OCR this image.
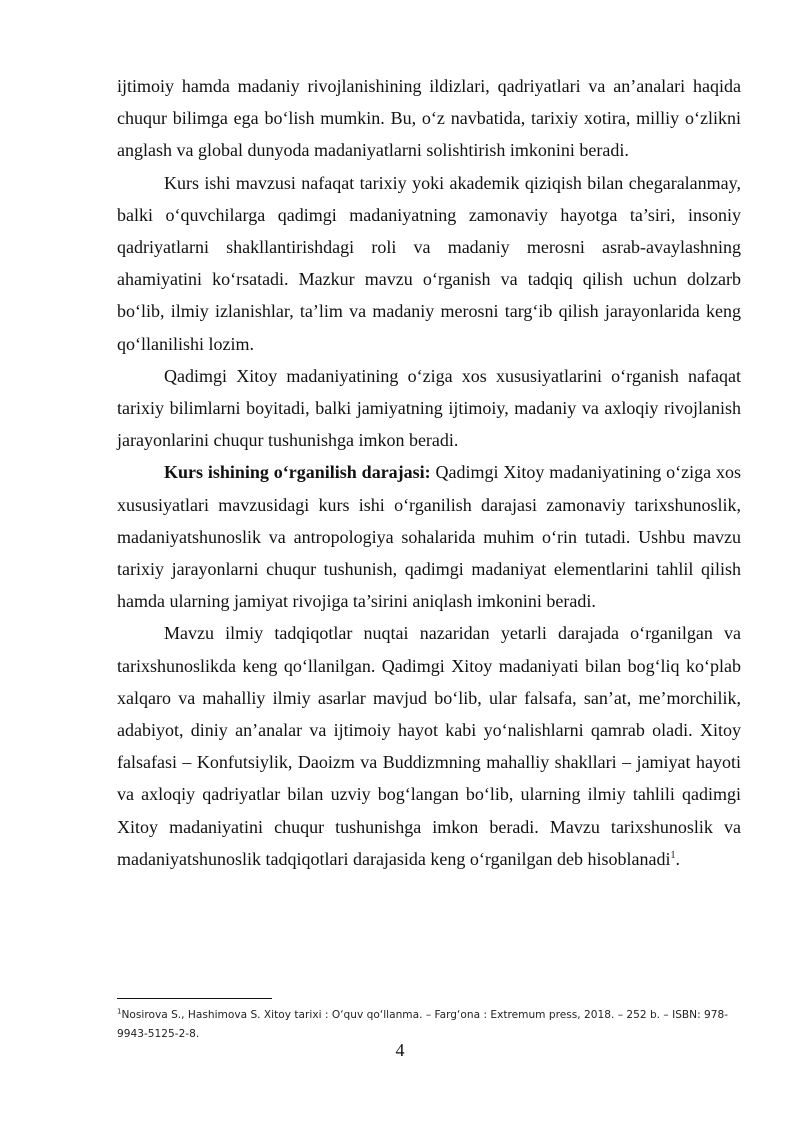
ijtimoiy hamda madaniy rivojlanishining ildizlari, qadriyatlari va an’analari haqida chuqur bilimga ega bo‘lish mumkin. Bu, o‘z navbatida, tarixiy xotira, milliy o‘zlikni anglash va global dunyoda madaniyatlarni solishtirish imkonini beradi.

Kurs ishi mavzusi nafaqat tarixiy yoki akademik qiziqish bilan chegaralanmay, balki o‘quvchilarga qadimgi madaniyatning zamonaviy hayotga ta’siri, insoniy qadriyatlarni shakllantirishdagi roli va madaniy merosni asrab-avaylashning ahamiyatini ko‘rsatadi. Mazkur mavzu o‘rganish va tadqiq qilish uchun dolzarb bo‘lib, ilmiy izlanishlar, ta’lim va madaniy merosni targ‘ib qilish jarayonlarida keng qo‘llanilishi lozim.

Qadimgi Xitoy madaniyatining o‘ziga xos xususiyatlarini o‘rganish nafaqat tarixiy bilimlarni boyitadi, balki jamiyatning ijtimoiy, madaniy va axloqiy rivojlanish jarayonlarini chuqur tushunishga imkon beradi.

Kurs ishining o‘rganilish darajasi: Qadimgi Xitoy madaniyatining o‘ziga xos xususiyatlari mavzusidagi kurs ishi o‘rganilish darajasi zamonaviy tarixshunoslik, madaniyatshunoslik va antropologiya sohalarida muhim o‘rin tutadi. Ushbu mavzu tarixiy jarayonlarni chuqur tushunish, qadimgi madaniyat elementlarini tahlil qilish hamda ularning jamiyat rivojiga ta’sirini aniqlash imkonini beradi.

Mavzu ilmiy tadqiqotlar nuqtai nazaridan yetarli darajada o‘rganilgan va tarixshunoslikda keng qo‘llanilgan. Qadimgi Xitoy madaniyati bilan bog‘liq ko‘plab xalqaro va mahalliy ilmiy asarlar mavjud bo‘lib, ular falsafa, san’at, me’morchilik, adabiyot, diniy an’analar va ijtimoiy hayot kabi yo‘nalishlarni qamrab oladi. Xitoy falsafasi – Konfutsiylik, Daoizm va Buddizmning mahalliy shakllari – jamiyat hayoti va axloqiy qadriyatlar bilan uzviy bog‘langan bo‘lib, ularning ilmiy tahlili qadimgi Xitoy madaniyatini chuqur tushunishga imkon beradi. Mavzu tarixshunoslik va madaniyatshunoslik tadqiqotlari darajasida keng o‘rganilgan deb hisoblanadi$^1$.

$^1$Nosirova S., Hashimova S. Xitoy tarixi : O‘quv qo‘llanma. – Farg‘ona : Extremum press, 2018. – 252 b. – ISBN: 978-9943-5125-2-8.
4
